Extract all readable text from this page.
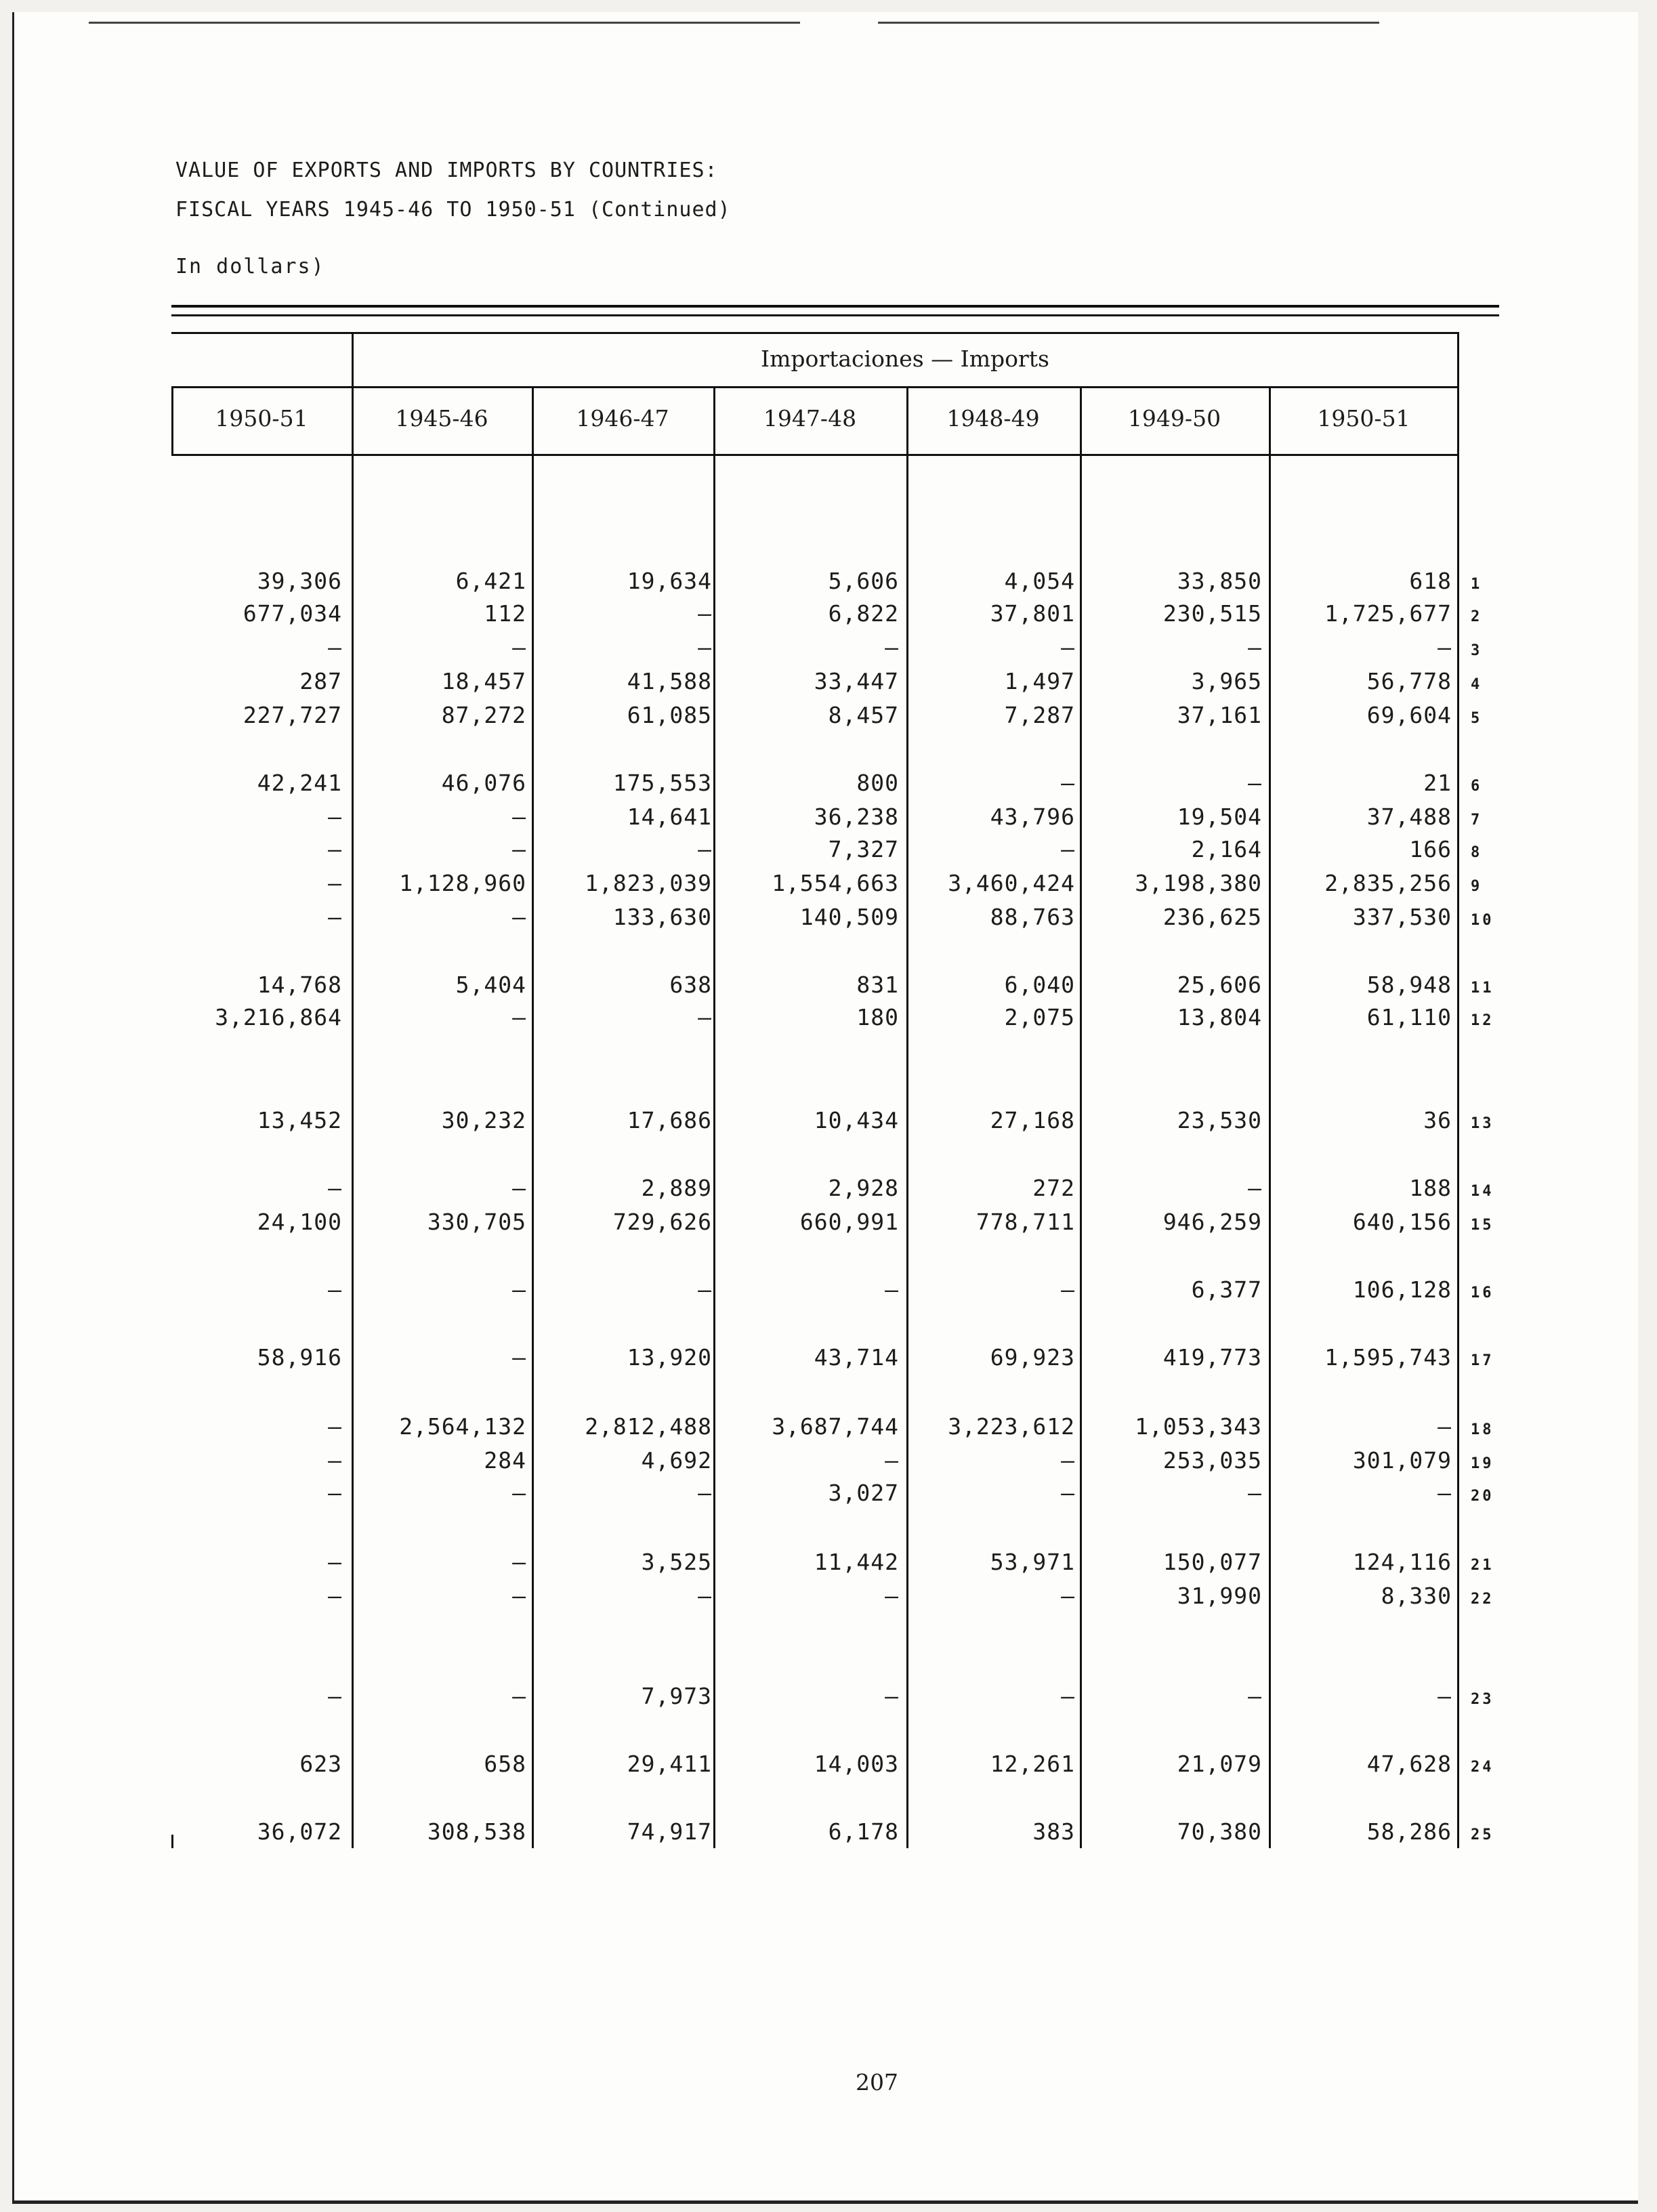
VALUE OF EXPORTS AND IMPORTS BY COUNTRIES:
FISCAL YEARS 1945-46 TO 1950-51 (Continued)
In dollars)
Importaciones — Imports
1950-51	1945-46	1946-47	1947-48	1948-49	1949-50	1950-51
39,306	6,421	19,634	5,606	4,054	33,850	618 1
677,034	112	—	6,822	37,801	230,515	1,725,677 2
—	—	—	—	—	—	— 3
287	18,457	41,588	33,447	1,497	3,965	56,778 4
227,727	87,272	61,085	8,457	7,287	37,161	69,604 5
42,241	46,076	175,553	800	—	—	21 6
—	—	14,641	36,238	43,796	19,504	37,488 7
—	—	—	7,327	—	2,164	166 8
—	1,128,960	1,823,039	1,554,663	3,460,424	3,198,380	2,835,256 9
—	—	133,630	140,509	88,763	236,625	337,530 10
14,768	5,404	638	831	6,040	25,606	58,948 11
3,216,864	—	—	180	2,075	13,804	61,110 12
13,452	30,232	17,686	10,434	27,168	23,530	36 13
—	—	2,889	2,928	272	—	188 14
24,100	330,705	729,626	660,991	778,711	946,259	640,156 15
—	—	—	—	—	6,377	106,128 16
58,916	—	13,920	43,714	69,923	419,773	1,595,743 17
—	2,564,132	2,812,488	3,687,744	3,223,612	1,053,343	— 18
—	284	4,692	—	—	253,035	301,079 19
—	—	—	3,027	—	—	— 20
—	—	3,525	11,442	53,971	150,077	124,116 21
—	—	—	—	—	31,990	8,330 22
—	—	7,973	—	—	—	— 23
623	658	29,411	14,003	12,261	21,079	47,628 24
36,072	308,538	74,917	6,178	383	70,380	58,286 25
207
